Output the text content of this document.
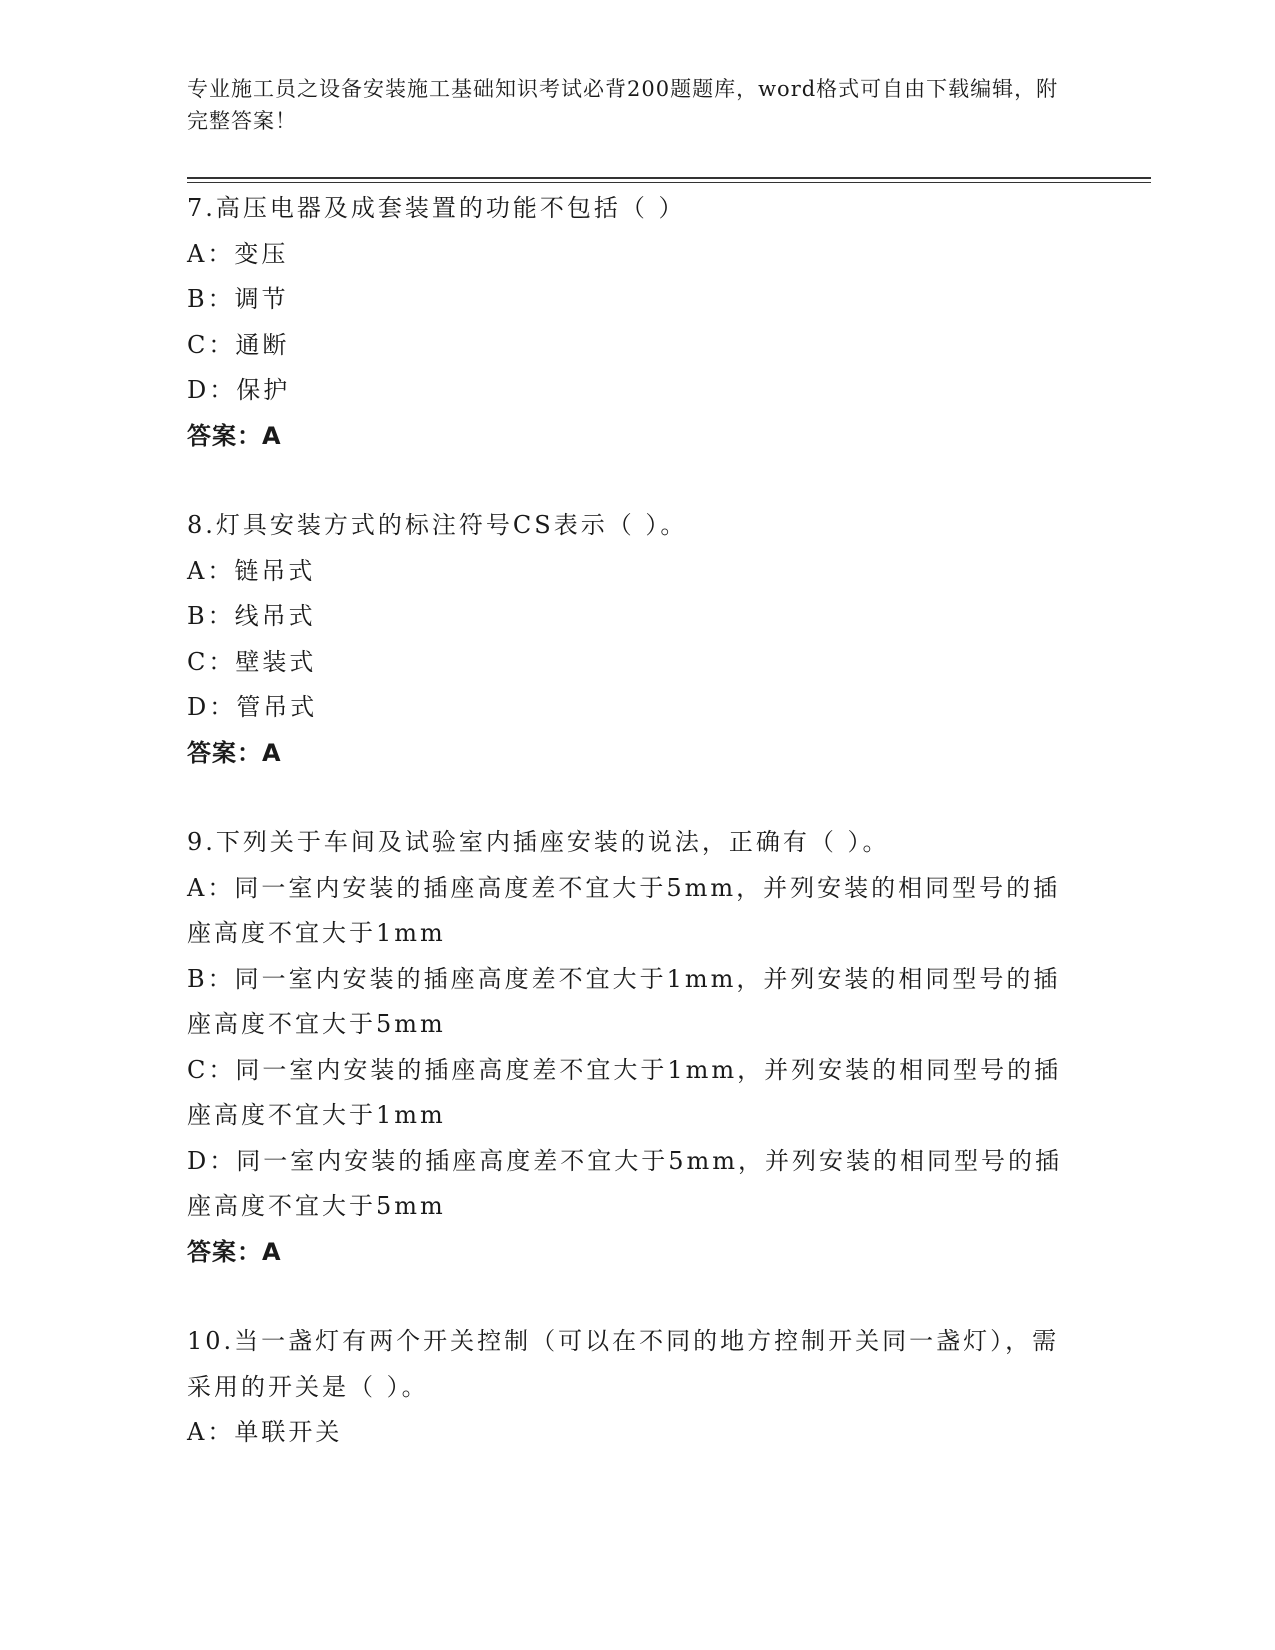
专业施工员之设备安装施工基础知识考试必背200题题库，word格式可自由下载编辑，附完整答案！
7.高压电器及成套装置的功能不包括（ ）
A：变压
B：调节
C：通断
D：保护
答案：A
8.灯具安装方式的标注符号CS表示（ ）。
A：链吊式
B：线吊式
C：壁装式
D：管吊式
答案：A
9.下列关于车间及试验室内插座安装的说法，正确有（ ）。
A：同一室内安装的插座高度差不宜大于5mm，并列安装的相同型号的插座高度不宜大于1mm
B：同一室内安装的插座高度差不宜大于1mm，并列安装的相同型号的插座高度不宜大于5mm
C：同一室内安装的插座高度差不宜大于1mm，并列安装的相同型号的插座高度不宜大于1mm
D：同一室内安装的插座高度差不宜大于5mm，并列安装的相同型号的插座高度不宜大于5mm
答案：A
10.当一盏灯有两个开关控制（可以在不同的地方控制开关同一盏灯），需采用的开关是（ ）。
A：单联开关
